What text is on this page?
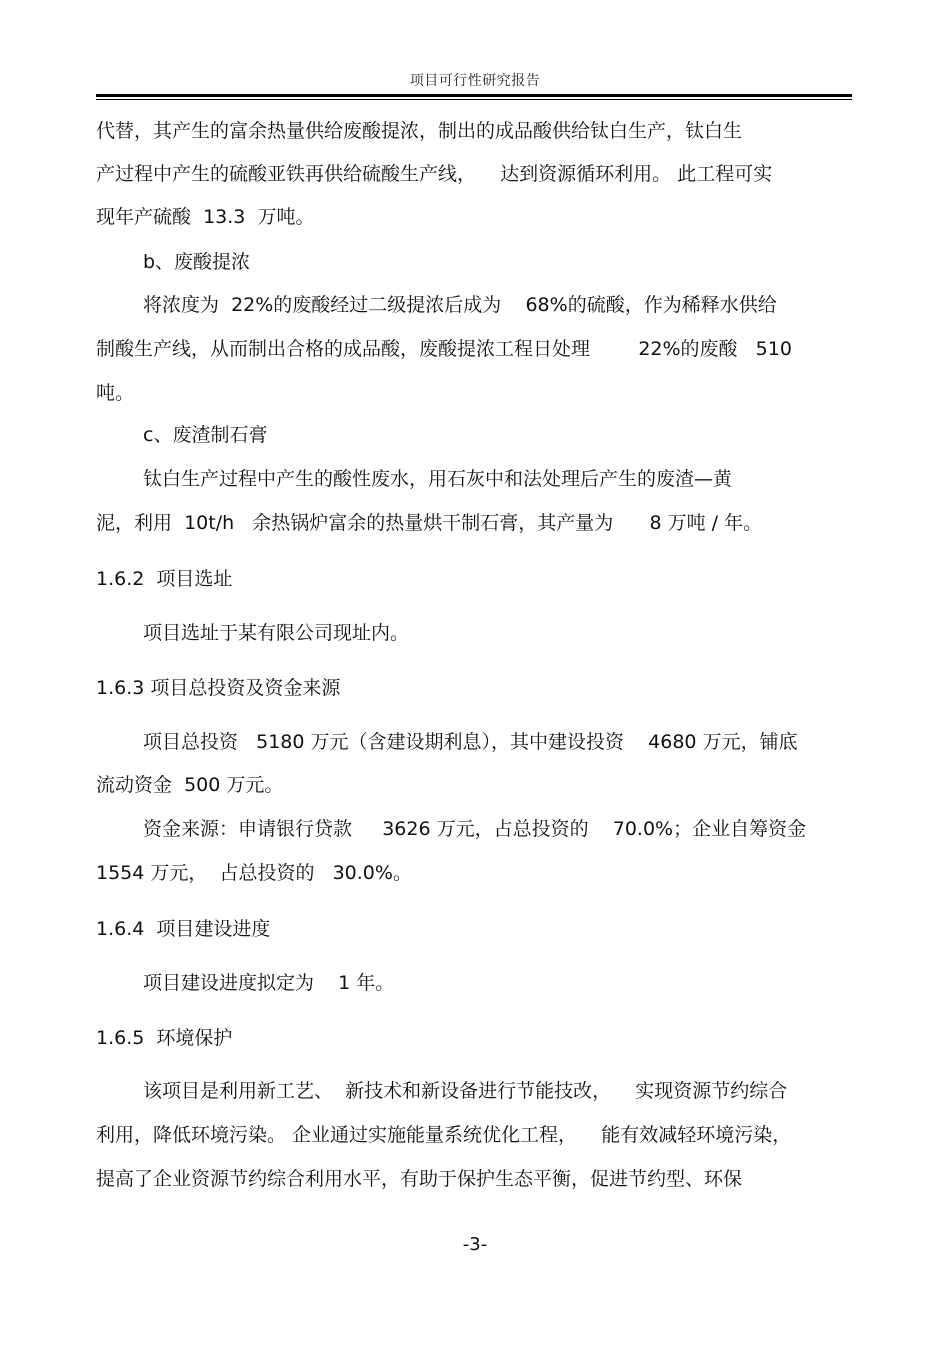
项目可行性研究报告
代替，其产生的富余热量供给废酸提浓，制出的成品酸供给钛白生产，钛白生
产过程中产生的硫酸亚铁再供给硫酸生产线，    达到资源循环利用。 此工程可实
现年产硫酸  13.3  万吨。
b、废酸提浓
将浓度为  22%的废酸经过二级提浓后成为    68%的硫酸，作为稀释水供给
制酸生产线，从而制出合格的成品酸，废酸提浓工程日处理        22%的废酸   510
吨。
c、废渣制石膏
钛白生产过程中产生的酸性废水，用石灰中和法处理后产生的废渣—黄
泥，利用  10t/h   余热锅炉富余的热量烘干制石膏，其产量为      8 万吨 / 年。
1.6.2  项目选址
项目选址于某有限公司现址内。
1.6.3 项目总投资及资金来源
项目总投资   5180 万元（含建设期利息），其中建设投资    4680 万元，铺底
流动资金  500 万元。
资金来源：申请银行贷款     3626 万元，占总投资的    70.0%；企业自筹资金
1554 万元，  占总投资的   30.0%。
1.6.4  项目建设进度
项目建设进度拟定为    1 年。
1.6.5  环境保护
该项目是利用新工艺、  新技术和新设备进行节能技改，    实现资源节约综合
利用，降低环境污染。 企业通过实施能量系统优化工程，    能有效减轻环境污染，
提高了企业资源节约综合利用水平，有助于保护生态平衡，促进节约型、环保
-3-
